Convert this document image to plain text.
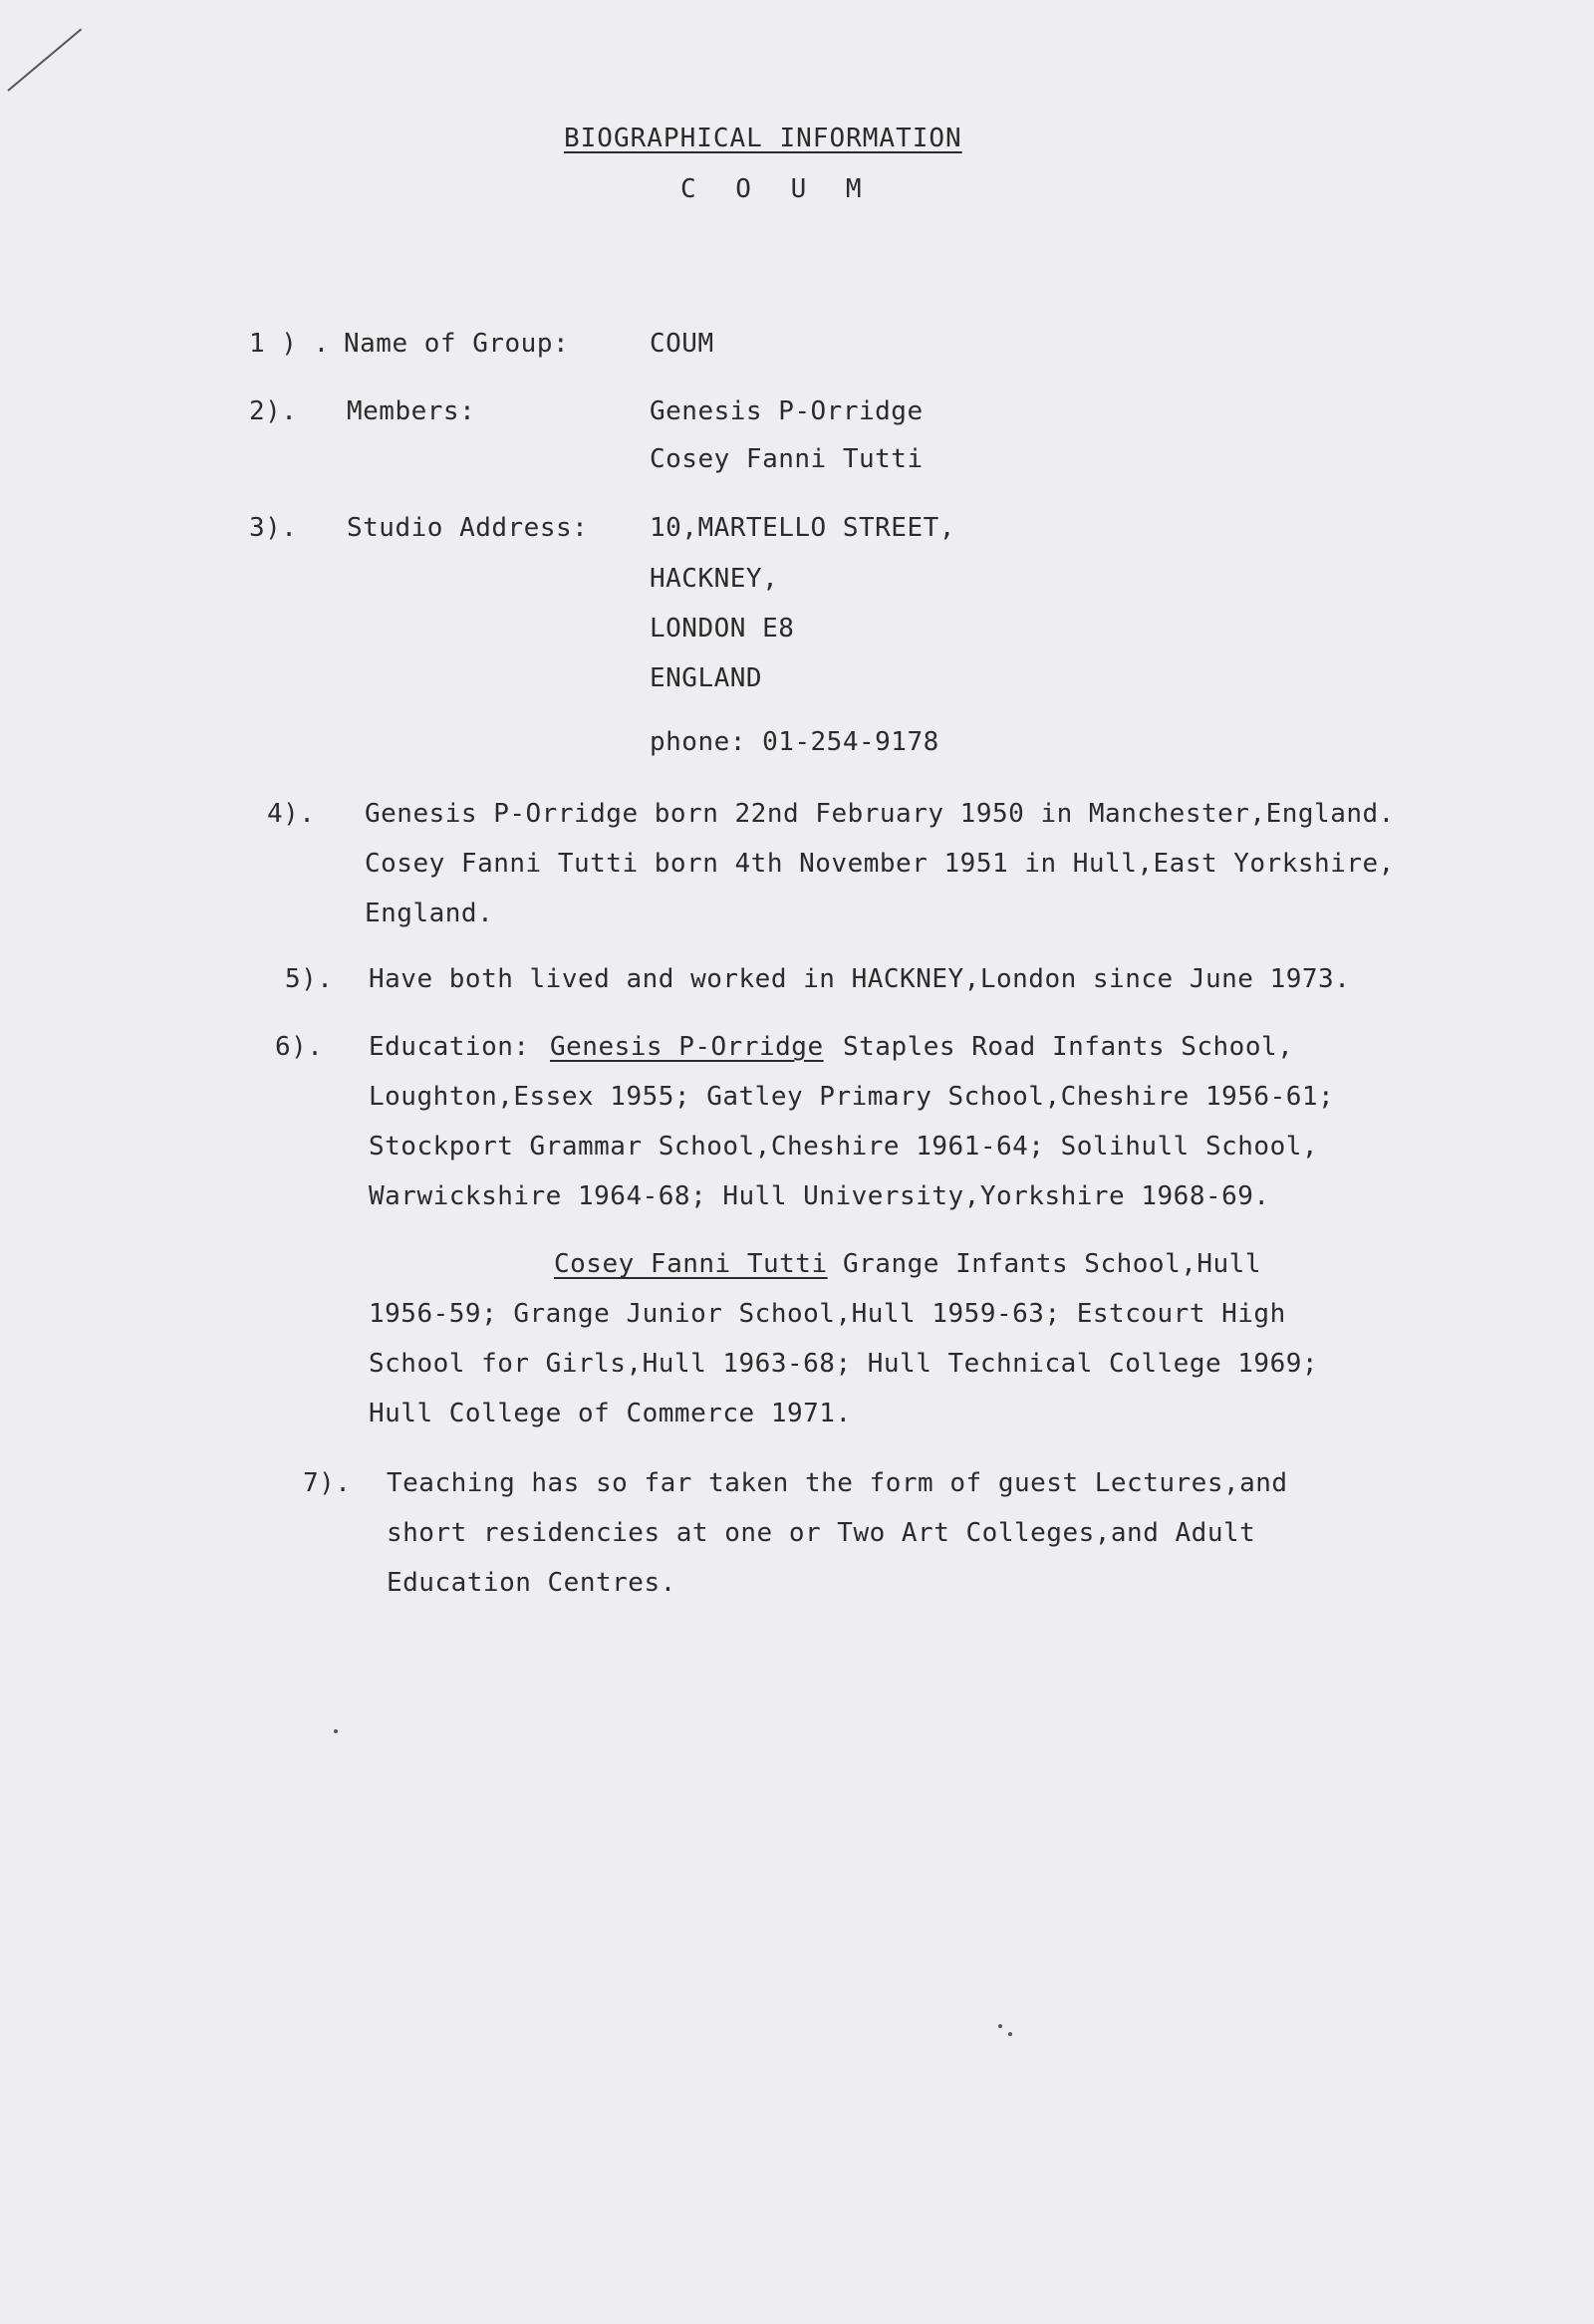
BIOGRAPHICAL INFORMATION
C O U M
1 ) . Name of Group:	COUM
2). Members:	Genesis P-Orridge
Cosey Fanni Tutti
3). Studio Address: 10,MARTELLO STREET,
HACKNEY,
LONDON E8
ENGLAND
phone: 01-254-9178
4). Genesis P-Orridge born 22nd February 1950 in Manchester,England.
Cosey Fanni Tutti born 4th November 1951 in Hull,East Yorkshire,
England.
5). Have both lived and worked in HACKNEY,London since June 1973.
6). Education: Genesis P-Orridge Staples Road Infants School,
Loughton,Essex 1955; Gatley Primary School,Cheshire 1956-61;
Stockport Grammar School,Cheshire 1961-64; Solihull School,
Warwickshire 1964-68; Hull University,Yorkshire 1968-69.
Cosey Fanni Tutti Grange Infants School,Hull
1956-59; Grange Junior School,Hull 1959-63; Estcourt High
School for Girls,Hull 1963-68; Hull Technical College 1969;
Hull College of Commerce 1971.
7). Teaching has so far taken the form of guest Lectures,and
short residencies at one or Two Art Colleges,and Adult
Education Centres.
